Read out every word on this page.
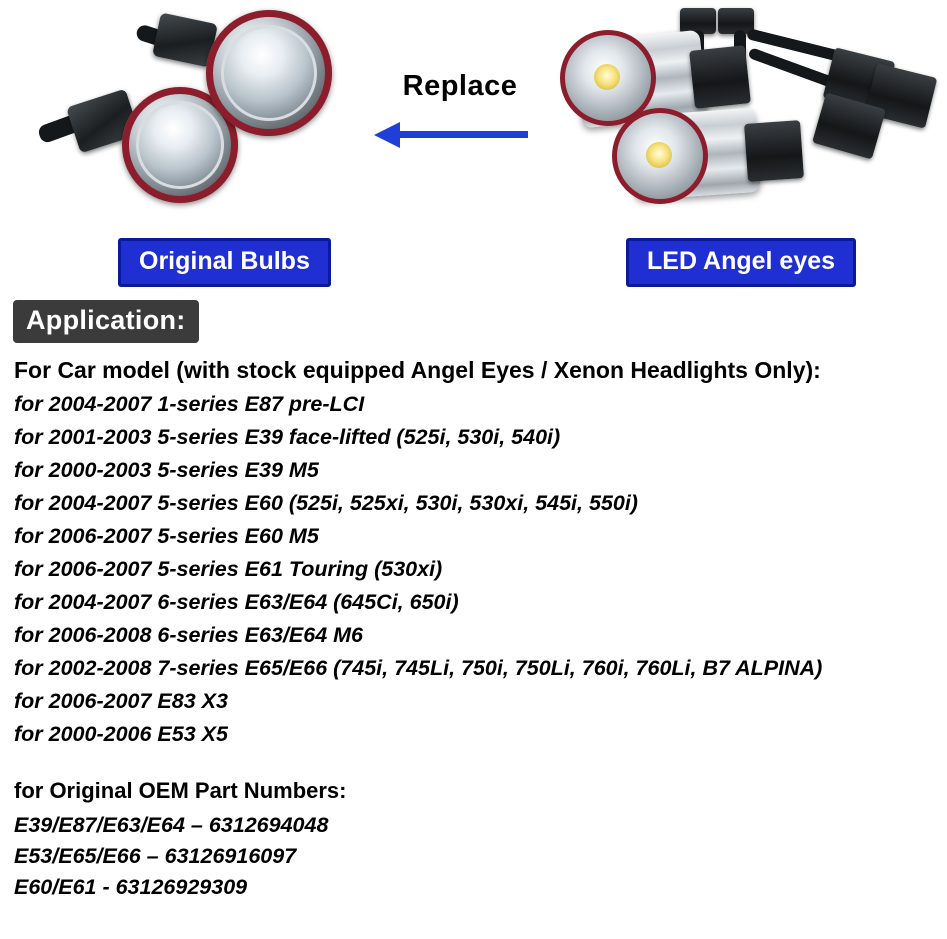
Replace
Original Bulbs	LED Angel eyes
Application:
For Car model (with stock equipped Angel Eyes / Xenon Headlights Only):
for 2004-2007 1-series E87 pre-LCI
for 2001-2003 5-series E39 face-lifted (525i, 530i, 540i)
for 2000-2003 5-series E39 M5
for 2004-2007 5-series E60 (525i, 525xi, 530i, 530xi, 545i, 550i)
for 2006-2007 5-series E60 M5
for 2006-2007 5-series E61 Touring (530xi)
for 2004-2007 6-series E63/E64 (645Ci, 650i)
for 2006-2008 6-series E63/E64 M6
for 2002-2008 7-series E65/E66 (745i, 745Li, 750i, 750Li, 760i, 760Li, B7 ALPINA)
for 2006-2007 E83 X3
for 2000-2006 E53 X5
for Original OEM Part Numbers:
E39/E87/E63/E64 – 6312694048
E53/E65/E66 – 63126916097
E60/E61 - 63126929309
